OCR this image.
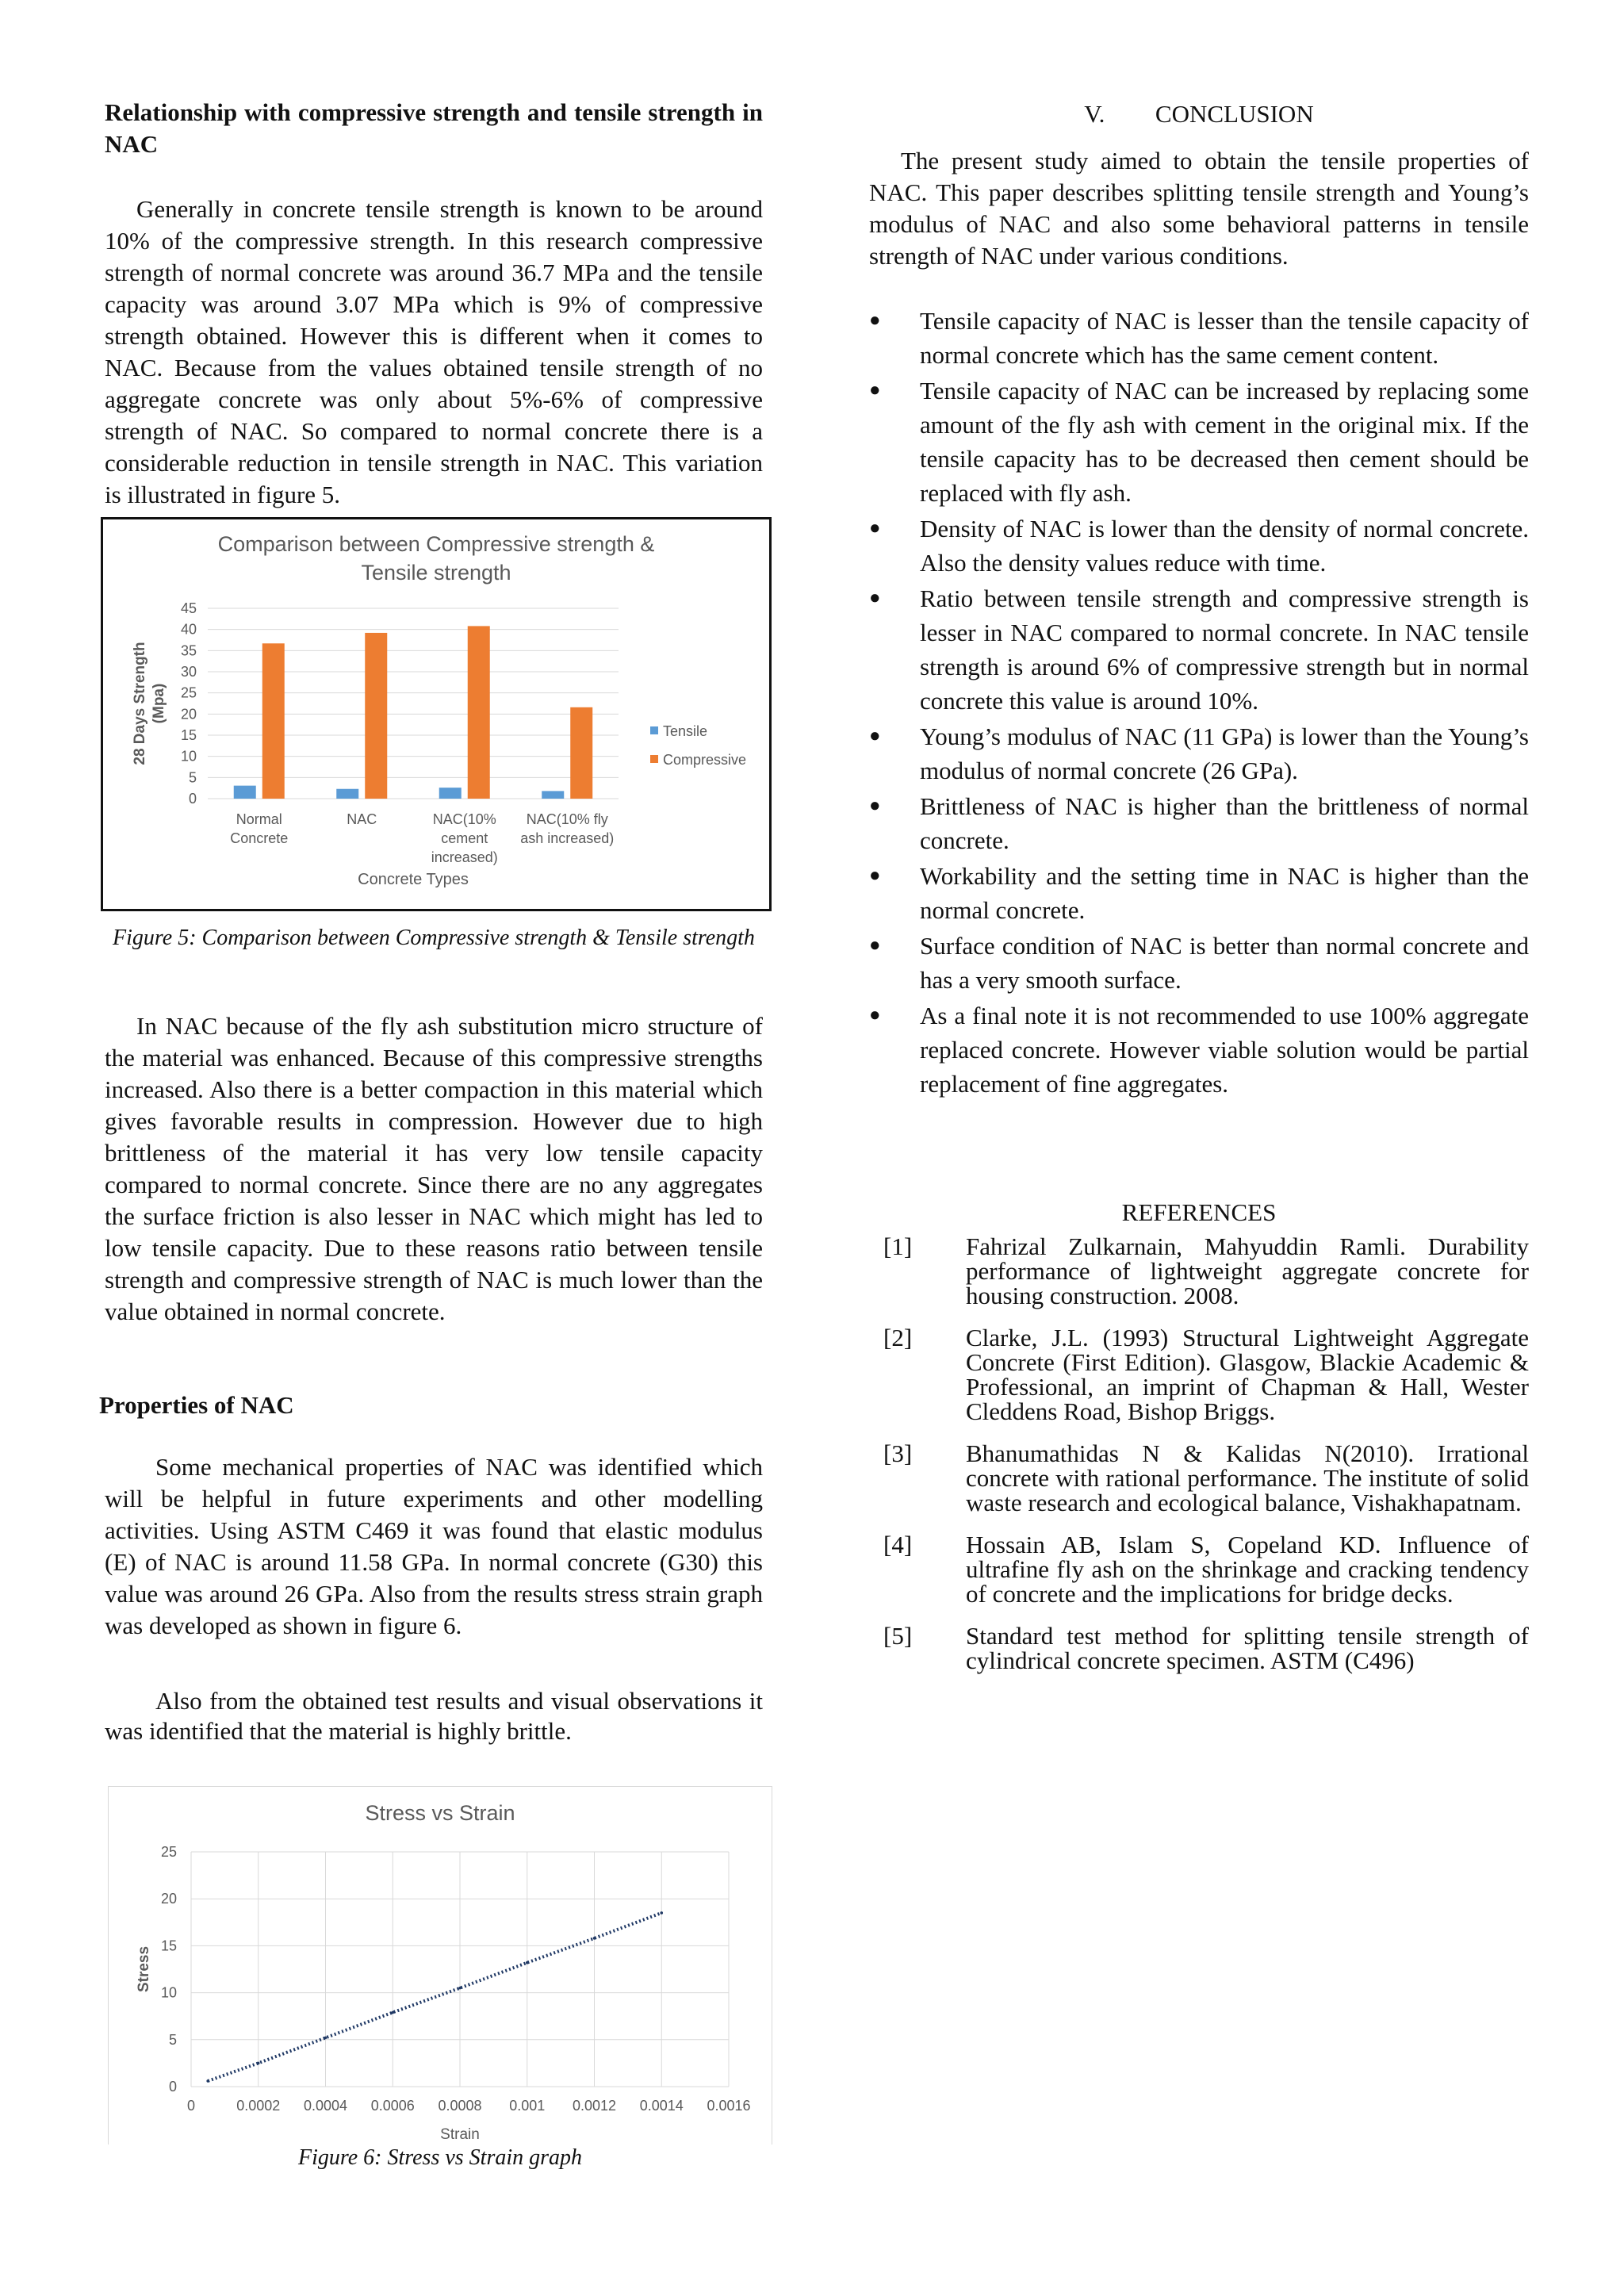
Relationship with compressive strength and tensile strength in NAC

Generally in concrete tensile strength is known to be around 10% of the compressive strength. In this research compressive strength of normal concrete was around 36.7 MPa and the tensile capacity was around 3.07 MPa which is 9% of compressive strength obtained. However this is different when it comes to NAC. Because from the values obtained tensile strength of no aggregate concrete was only about 5%-6% of compressive strength of NAC. So compared to normal concrete there is a considerable reduction in tensile strength in NAC. This variation is illustrated in figure 5.

Comparison between Compressive strength &
Tensile strength
0
5
10
15
20
25
30
35
40
45
28 Days Strength (Mpa)
Normal
Concrete
NAC	NAC(10%
cement
increased)
NAC(10% fly
ash increased)
Concrete Types
Tensile
Compressive
Figure 5: Comparison between Compressive strength & Tensile strength

In NAC because of the fly ash substitution micro structure of the material was enhanced. Because of this compressive strengths increased. Also there is a better compaction in this material which gives favorable results in compression. However due to high brittleness of the material it has very low tensile capacity compared to normal concrete. Since there are no any aggregates the surface friction is also lesser in NAC which might has led to low tensile capacity. Due to these reasons ratio between tensile strength and compressive strength of NAC is much lower than the value obtained in normal concrete.

Properties of NAC

Some mechanical properties of NAC was identified which will be helpful in future experiments and other modelling activities. Using ASTM C469 it was found that elastic modulus (E) of NAC is around 11.58 GPa. In normal concrete (G30) this value was around 26 GPa. Also from the results stress strain graph was developed as shown in figure 6.

Also from the obtained test results and visual observations it was identified that the material is highly brittle.

Stress vs Strain
0
5
10
15
20
25
0	0.0002 0.0004 0.0006 0.0008 0.001 0.0012 0.0014 0.0016
Strain
Stress
Figure 6: Stress vs Strain graph
V. CONCLUSION

The present study aimed to obtain the tensile properties of NAC. This paper describes splitting tensile strength and Young’s modulus of NAC and also some behavioral patterns in tensile strength of NAC under various conditions.

● Tensile capacity of NAC is lesser than the tensile capacity of normal concrete which has the same cement content.
● Tensile capacity of NAC can be increased by replacing some amount of the fly ash with cement in the original mix. If the tensile capacity has to be decreased then cement should be replaced with fly ash.
● Density of NAC is lower than the density of normal concrete. Also the density values reduce with time.
● Ratio between tensile strength and compressive strength is lesser in NAC compared to normal concrete. In NAC tensile strength is around 6% of compressive strength but in normal concrete this value is around 10%.
● Young’s modulus of NAC (11 GPa) is lower than the Young’s modulus of normal concrete (26 GPa).
● Brittleness of NAC is higher than the brittleness of normal concrete.
● Workability and the setting time in NAC is higher than the normal concrete.
● Surface condition of NAC is better than normal concrete and has a very smooth surface.
● As a final note it is not recommended to use 100% aggregate replaced concrete. However viable solution would be partial replacement of fine aggregates.
REFERENCES
[1] Fahrizal Zulkarnain, Mahyuddin Ramli. Durability performance of lightweight aggregate concrete for housing construction. 2008.
[2] Clarke, J.L. (1993) Structural Lightweight Aggregate Concrete (First Edition). Glasgow, Blackie Academic & Professional, an imprint of Chapman & Hall, Wester Cleddens Road, Bishop Briggs.
[3] Bhanumathidas N & Kalidas N(2010). Irrational concrete with rational performance. The institute of solid waste research and ecological balance, Vishakhapatnam.
[4] Hossain AB, Islam S, Copeland KD. Influence of ultrafine fly ash on the shrinkage and cracking tendency of concrete and the implications for bridge decks.
[5] Standard test method for splitting tensile strength of cylindrical concrete specimen. ASTM (C496)
